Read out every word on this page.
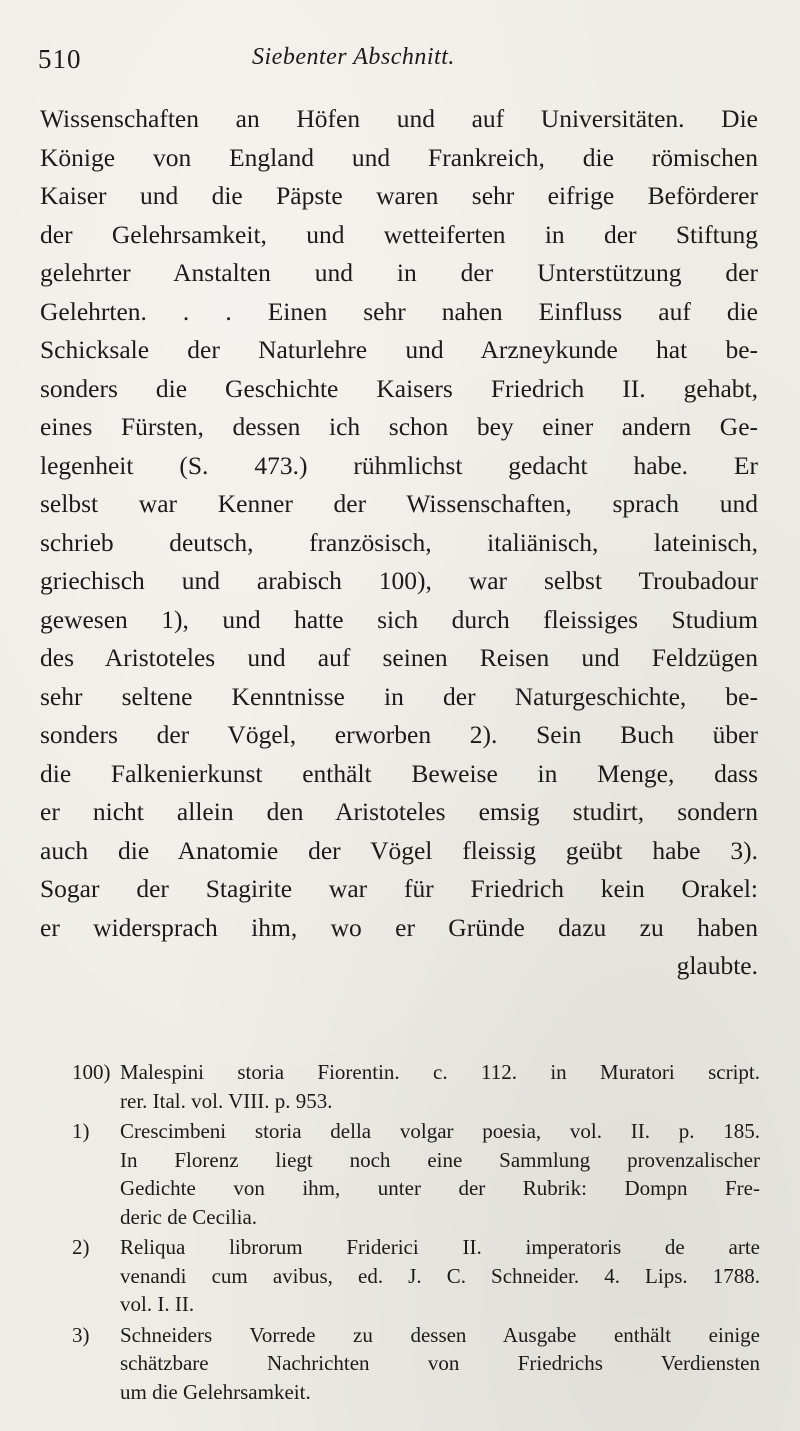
510	Siebenter Abschnitt.
Wissenschaften an Höfen und auf Universitäten. Die
Könige von England und Frankreich, die römischen
Kaiser und die Päpste waren sehr eifrige Beförderer
der Gelehrsamkeit, und wetteiferten in der Stiftung
gelehrter Anstalten und in der Unterstützung der
Gelehrten. . . Einen sehr nahen Einfluss auf die
Schicksale der Naturlehre und Arzneykunde hat be-
sonders die Geschichte Kaisers Friedrich II. gehabt,
eines Fürsten, dessen ich schon bey einer andern Ge-
legenheit (S. 473.) rühmlichst gedacht habe. Er
selbst war Kenner der Wissenschaften, sprach und
schrieb deutsch, französisch, italiänisch, lateinisch,
griechisch und arabisch 100), war selbst Troubadour
gewesen 1), und hatte sich durch fleissiges Studium
des Aristoteles und auf seinen Reisen und Feldzügen
sehr seltene Kenntnisse in der Naturgeschichte, be-
sonders der Vögel, erworben 2). Sein Buch über
die Falkenierkunst enthält Beweise in Menge, dass
er nicht allein den Aristoteles emsig studirt, sondern
auch die Anatomie der Vögel fleissig geübt habe 3).
Sogar der Stagirite war für Friedrich kein Orakel:
er widersprach ihm, wo er Gründe dazu zu haben
glaubte.
100) Malespini storia Fiorentin. c. 112. in Muratori script.
rer. Ital. vol. VIII. p. 953.
1)	Crescimbeni storia della volgar poesia, vol. II. p. 185.
In Florenz liegt noch eine Sammlung provenzalischer
Gedichte von ihm, unter der Rubrik: Dompn Fre-
deric de Cecilia.
2)	Reliqua librorum Friderici II. imperatoris de arte
venandi cum avibus, ed. J. C. Schneider. 4. Lips. 1788.
vol. I. II.
3)	Schneiders Vorrede zu dessen Ausgabe enthält einige
schätzbare Nachrichten von Friedrichs Verdiensten
um die Gelehrsamkeit.
